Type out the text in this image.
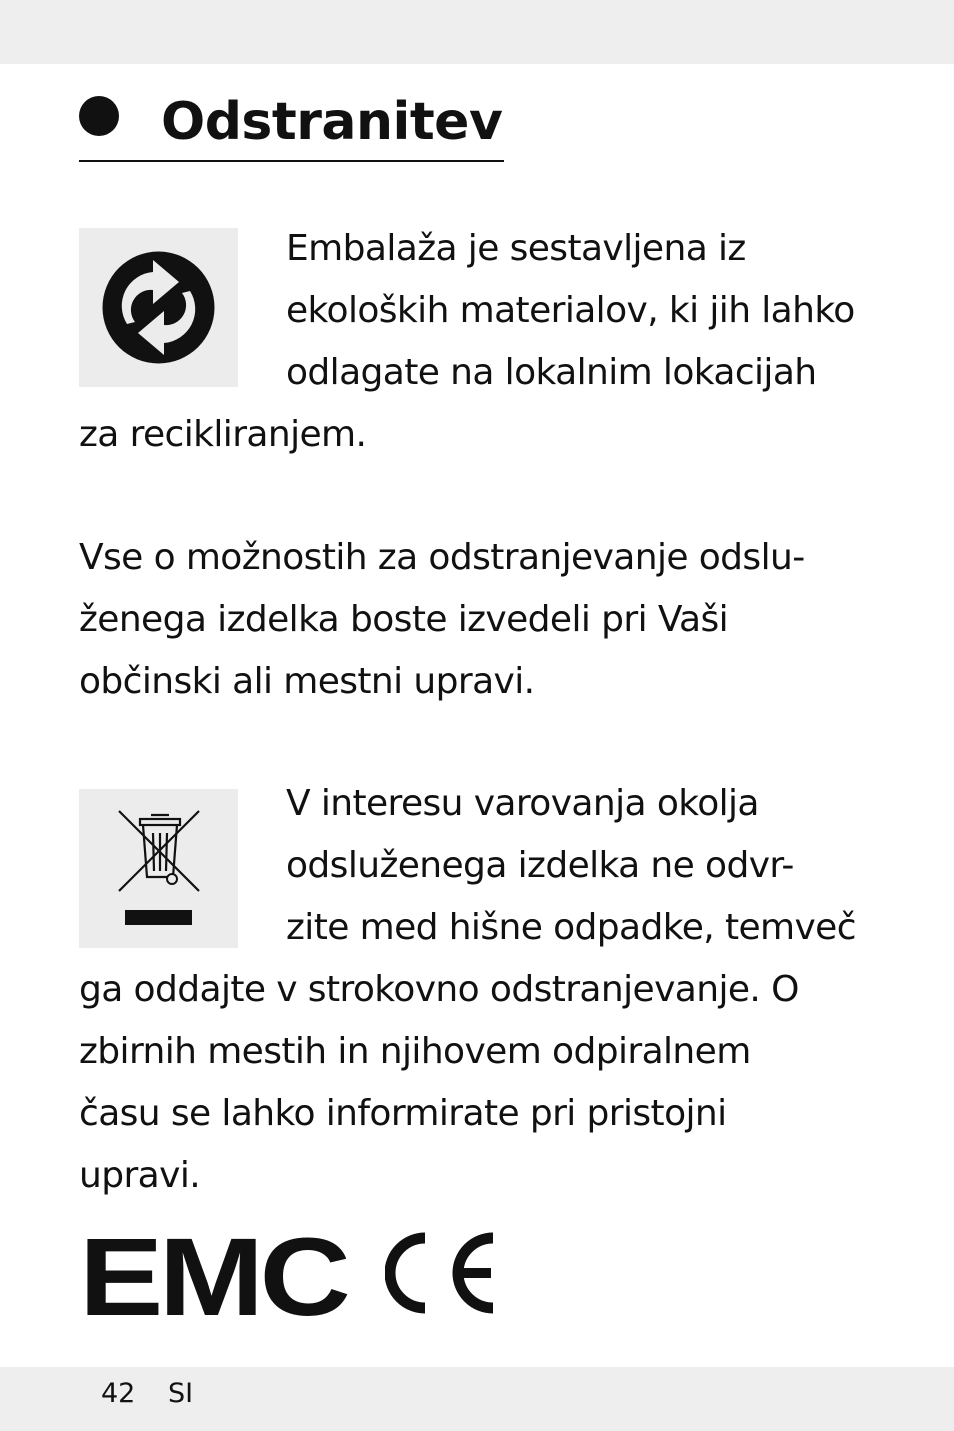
Odstranitev

Embalaža je sestavljena iz

ekoloških materialov, ki jih lahko

odlagate na lokalnim lokacijah

za recikliranjem.

Vse o možnostih za odstranjevanje odslu-

ženega izdelka boste izvedeli pri Vaši

občinski ali mestni upravi.

V interesu varovanja okolja

odsluženega izdelka ne odvr-

zite med hišne odpadke, temveč

ga oddajte v strokovno odstranjevanje. O

zbirnih mestih in njihovem odpiralnem

času se lahko informirate pri pristojni

upravi.

EMC
42 SI
